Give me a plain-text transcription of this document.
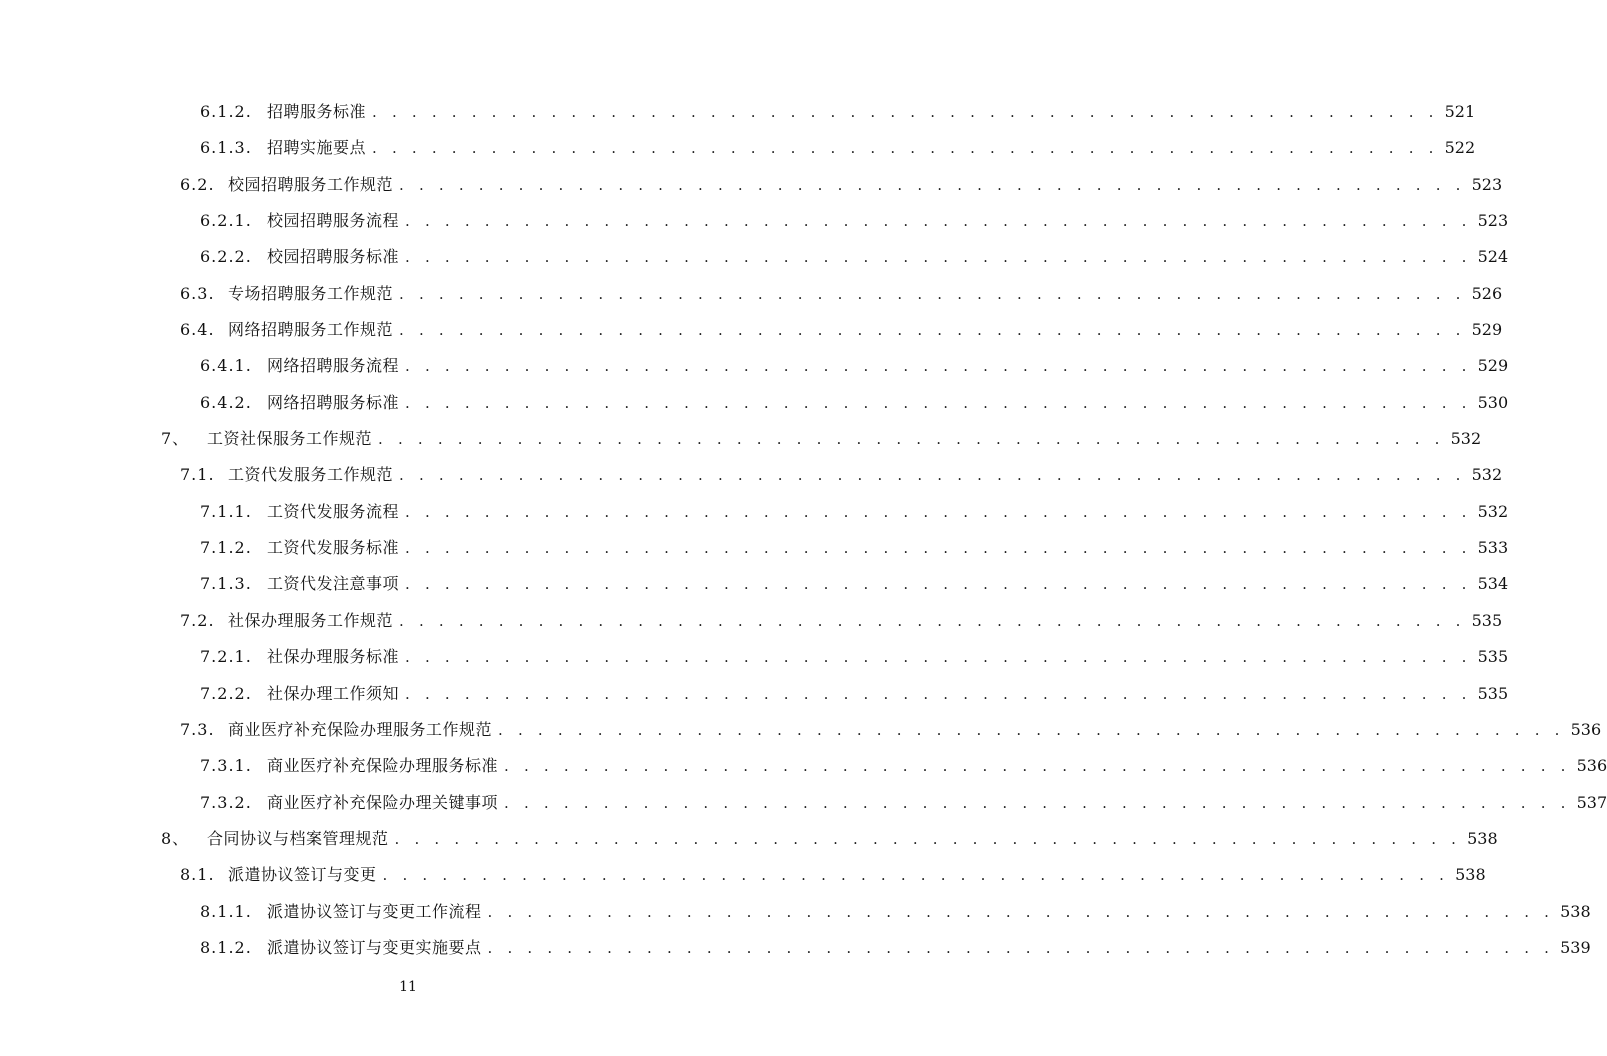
6.1.2. 招聘服务标准 . . . . . . . . . . . . . . . . . . . . . . . . . . . . . . . . . . . . . . . . . . . . . . . . . . . . . . 521
6.1.3. 招聘实施要点 . . . . . . . . . . . . . . . . . . . . . . . . . . . . . . . . . . . . . . . . . . . . . . . . . . . . . . 522
6.2. 校园招聘服务工作规范 . . . . . . . . . . . . . . . . . . . . . . . . . . . . . . . . . . . . . . . . . . . . . . . . . . . . . . 523
6.2.1. 校园招聘服务流程 . . . . . . . . . . . . . . . . . . . . . . . . . . . . . . . . . . . . . . . . . . . . . . . . . . . . . . 523
6.2.2. 校园招聘服务标准 . . . . . . . . . . . . . . . . . . . . . . . . . . . . . . . . . . . . . . . . . . . . . . . . . . . . . . 524
6.3. 专场招聘服务工作规范 . . . . . . . . . . . . . . . . . . . . . . . . . . . . . . . . . . . . . . . . . . . . . . . . . . . . . . 526
6.4. 网络招聘服务工作规范 . . . . . . . . . . . . . . . . . . . . . . . . . . . . . . . . . . . . . . . . . . . . . . . . . . . . . . 529
6.4.1. 网络招聘服务流程 . . . . . . . . . . . . . . . . . . . . . . . . . . . . . . . . . . . . . . . . . . . . . . . . . . . . . . 529
6.4.2. 网络招聘服务标准 . . . . . . . . . . . . . . . . . . . . . . . . . . . . . . . . . . . . . . . . . . . . . . . . . . . . . . 530
7、	工资社保服务工作规范 . . . . . . . . . . . . . . . . . . . . . . . . . . . . . . . . . . . . . . . . . . . . . . . . . . . . . . 532
7.1. 工资代发服务工作规范 . . . . . . . . . . . . . . . . . . . . . . . . . . . . . . . . . . . . . . . . . . . . . . . . . . . . . . 532
7.1.1. 工资代发服务流程 . . . . . . . . . . . . . . . . . . . . . . . . . . . . . . . . . . . . . . . . . . . . . . . . . . . . . . 532
7.1.2. 工资代发服务标准 . . . . . . . . . . . . . . . . . . . . . . . . . . . . . . . . . . . . . . . . . . . . . . . . . . . . . . 533
7.1.3. 工资代发注意事项 . . . . . . . . . . . . . . . . . . . . . . . . . . . . . . . . . . . . . . . . . . . . . . . . . . . . . . 534
7.2. 社保办理服务工作规范 . . . . . . . . . . . . . . . . . . . . . . . . . . . . . . . . . . . . . . . . . . . . . . . . . . . . . . 535
7.2.1. 社保办理服务标准 . . . . . . . . . . . . . . . . . . . . . . . . . . . . . . . . . . . . . . . . . . . . . . . . . . . . . . 535
7.2.2. 社保办理工作须知 . . . . . . . . . . . . . . . . . . . . . . . . . . . . . . . . . . . . . . . . . . . . . . . . . . . . . . 535
7.3. 商业医疗补充保险办理服务工作规范 . . . . . . . . . . . . . . . . . . . . . . . . . . . . . . . . . . . . . . . . . . . . . . . . . . . . . . 536
7.3.1. 商业医疗补充保险办理服务标准 . . . . . . . . . . . . . . . . . . . . . . . . . . . . . . . . . . . . . . . . . . . . . . . . . . . . . . 536
7.3.2. 商业医疗补充保险办理关键事项 . . . . . . . . . . . . . . . . . . . . . . . . . . . . . . . . . . . . . . . . . . . . . . . . . . . . . . 537
8、	合同协议与档案管理规范 . . . . . . . . . . . . . . . . . . . . . . . . . . . . . . . . . . . . . . . . . . . . . . . . . . . . . . 538
8.1. 派遣协议签订与变更 . . . . . . . . . . . . . . . . . . . . . . . . . . . . . . . . . . . . . . . . . . . . . . . . . . . . . . 538
8.1.1. 派遣协议签订与变更工作流程 . . . . . . . . . . . . . . . . . . . . . . . . . . . . . . . . . . . . . . . . . . . . . . . . . . . . . . 538
8.1.2. 派遣协议签订与变更实施要点 . . . . . . . . . . . . . . . . . . . . . . . . . . . . . . . . . . . . . . . . . . . . . . . . . . . . . . 539
11
